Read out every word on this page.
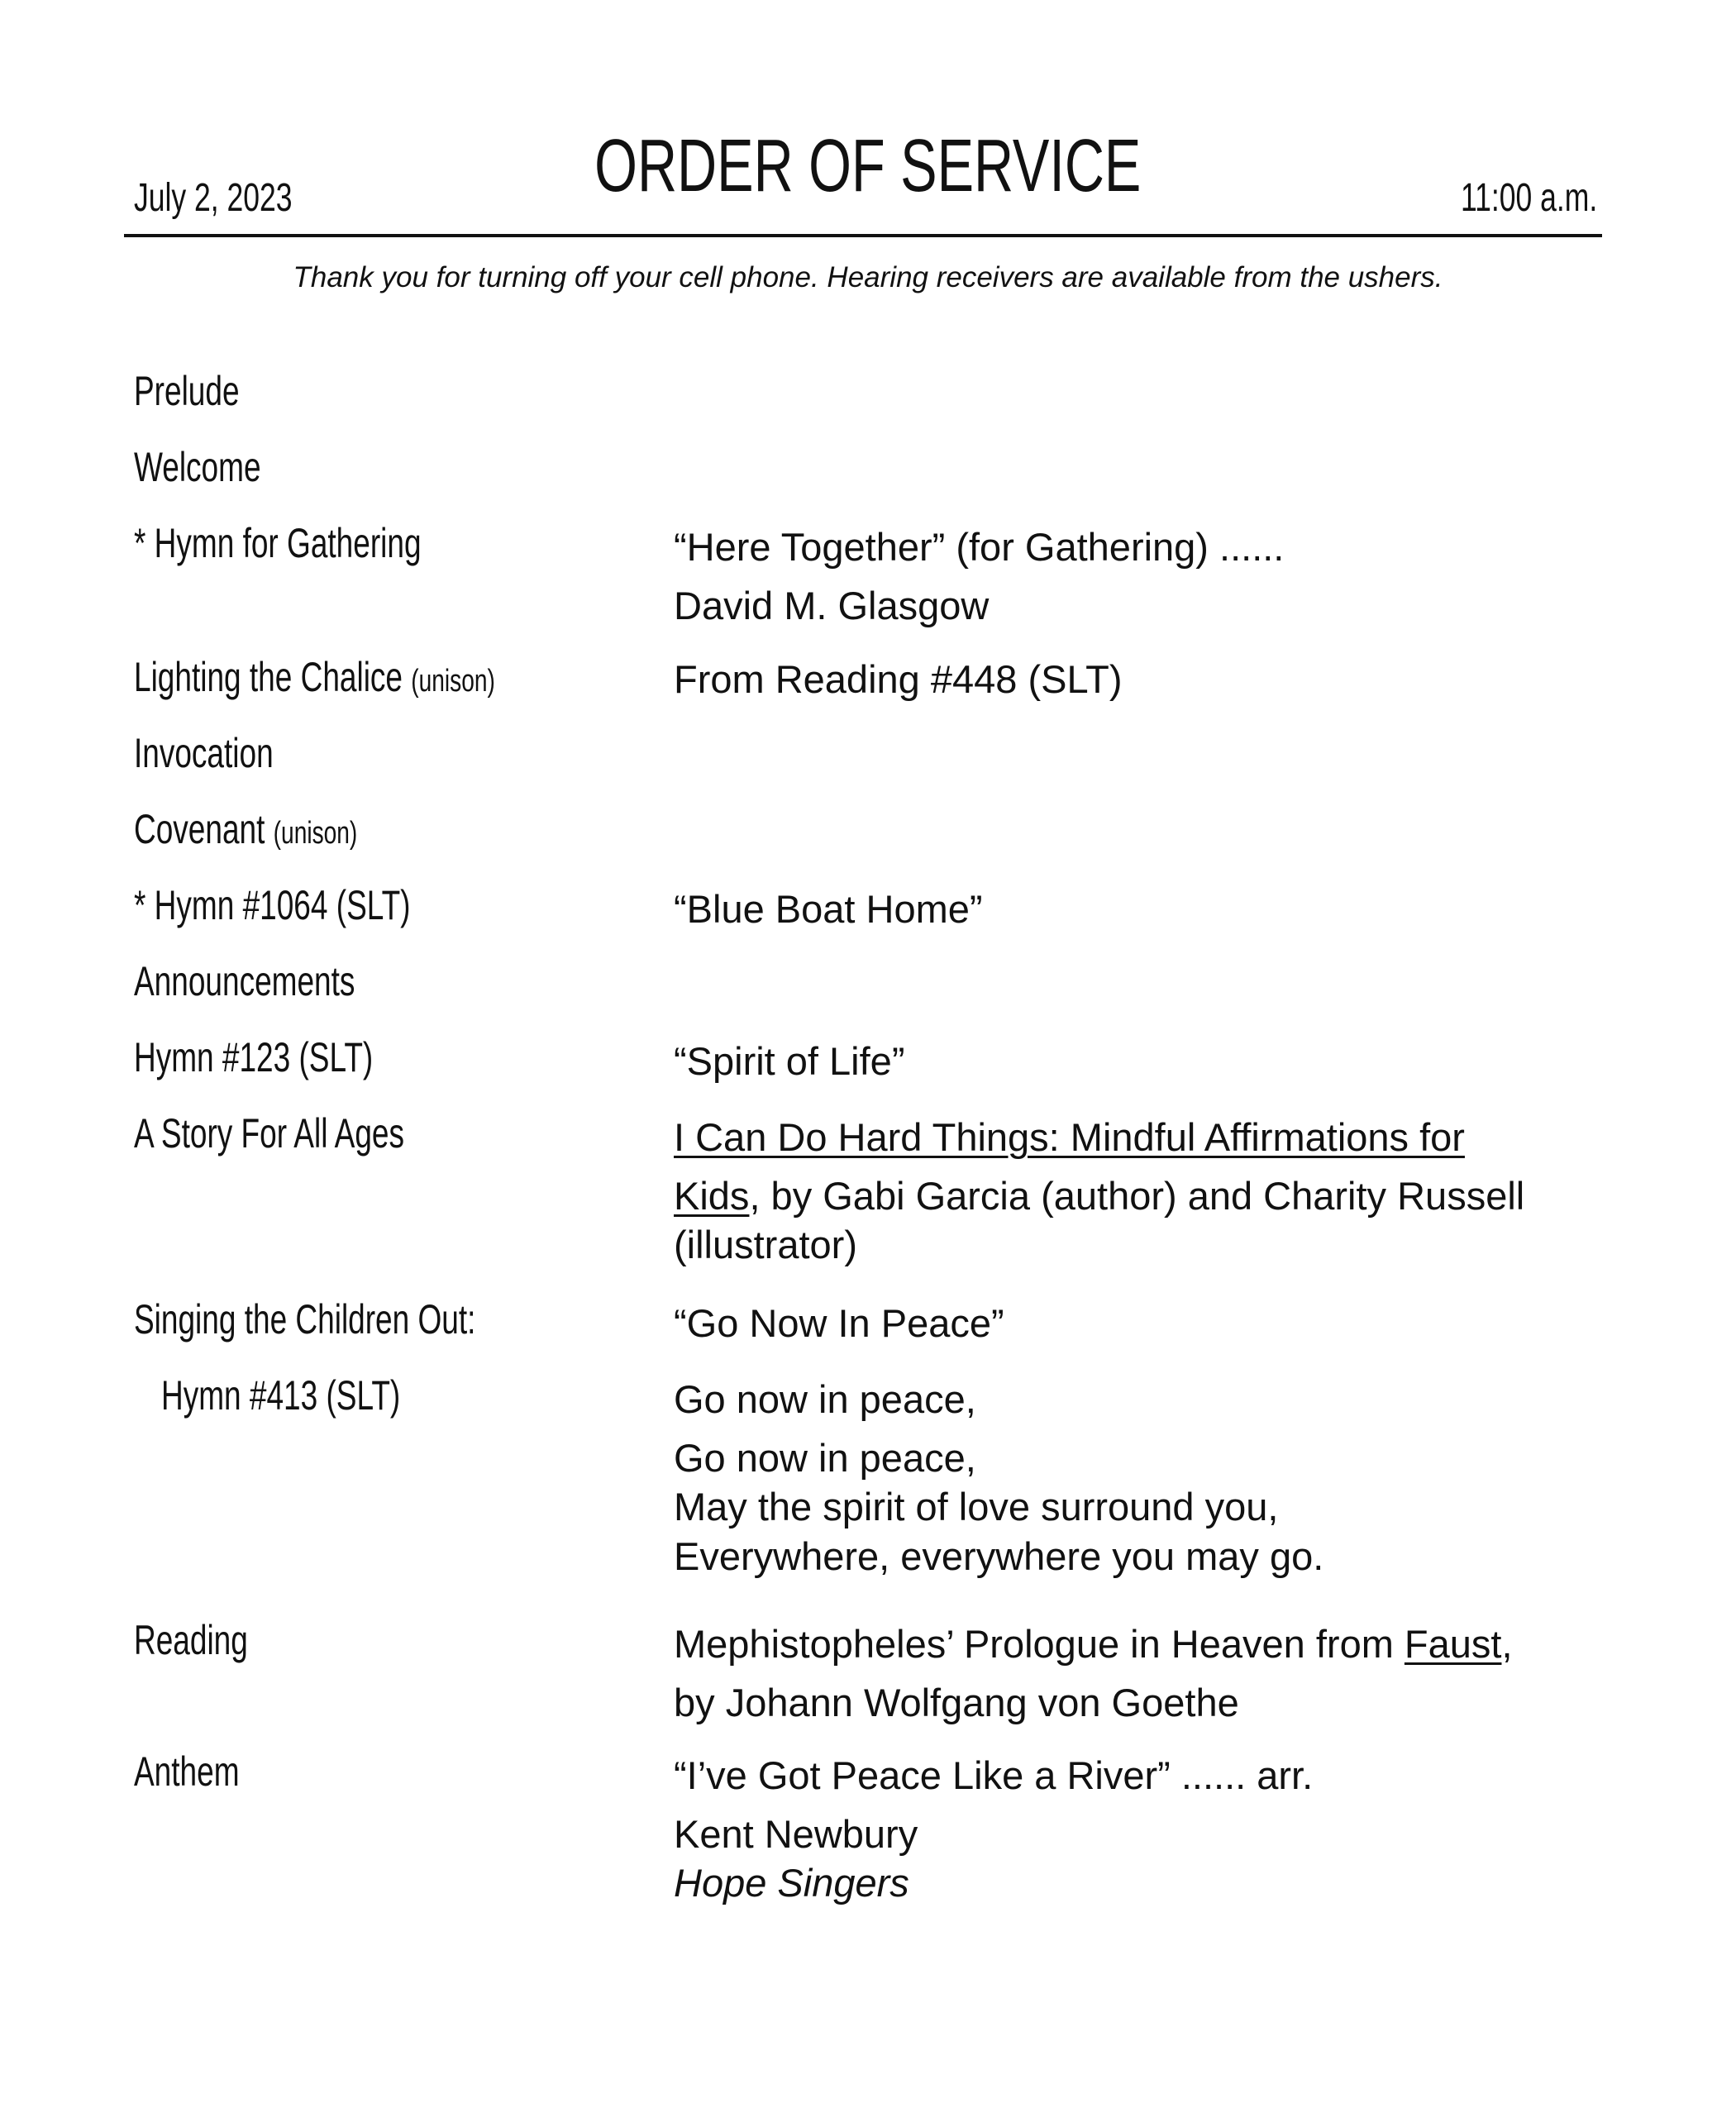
July 2, 2023	ORDER OF SERVICE	11:00 a.m.
Thank you for turning off your cell phone. Hearing receivers are available from the ushers.
Prelude
Welcome
* Hymn for Gathering
Lighting the Chalice (unison)
Invocation
Covenant (unison)
* Hymn #1064 (SLT)
Announcements
Hymn #123 (SLT)
A Story For All Ages
Singing the Children Out:
Hymn #413 (SLT)
Reading
Anthem
“Here Together” (for Gathering) ......
David M. Glasgow
From Reading #448 (SLT)
“Blue Boat Home”
“Spirit of Life”
I Can Do Hard Things: Mindful Affirmations for
Kids, by Gabi Garcia (author) and Charity Russell
(illustrator)
“Go Now In Peace”
Go now in peace,
Go now in peace,
May the spirit of love surround you,
Everywhere, everywhere you may go.
Mephistopheles’ Prologue in Heaven from Faust,
by Johann Wolfgang von Goethe
“I’ve Got Peace Like a River” ...... arr.
Kent Newbury
Hope Singers
